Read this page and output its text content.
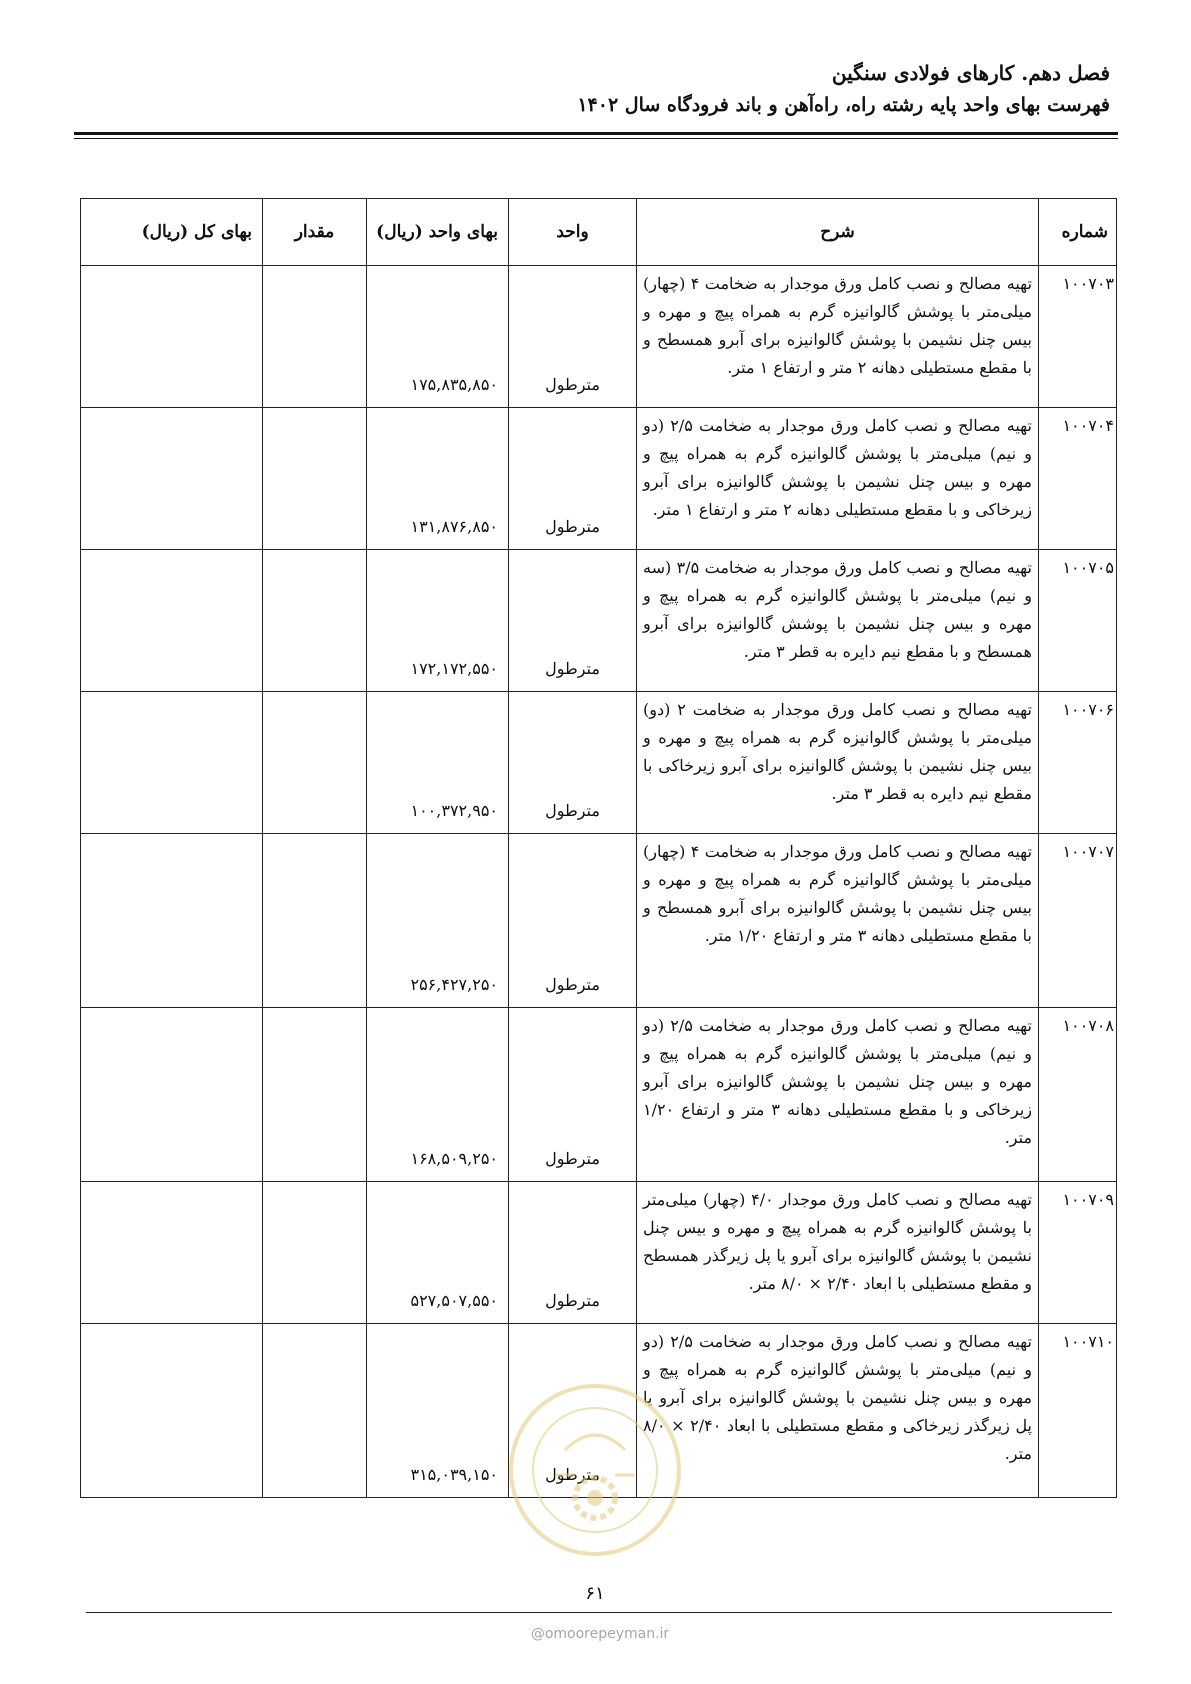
فصل دهم. کارهای فولادی سنگین
فهرست بهای واحد پایه رشته راه، راه‌آهن و باند فرودگاه سال ۱۴۰۲
شماره	شرح	واحد	بهای واحد (ریال)	مقدار	بهای کل (ریال)
۱۰۰۷۰۳	تهیه مصالح و نصب کامل ورق موجدار به ضخامت ۴ (چهار) میلی‌متر با پوشش گالوانیزه گرم به همراه پیچ و مهره و بیس چنل نشیمن با پوشش گالوانیزه برای آبرو همسطح و با مقطع مستطیلی دهانه ۲ متر و ارتفاع ۱ متر.	مترطول	۱۷۵,۸۳۵,۸۵۰		
۱۰۰۷۰۴	تهیه مصالح و نصب کامل ورق موجدار به ضخامت ۲/۵ (دو و نیم) میلی‌متر با پوشش گالوانیزه گرم به همراه پیچ و مهره و بیس چنل نشیمن با پوشش گالوانیزه برای آبرو زیرخاکی و با مقطع مستطیلی دهانه ۲ متر و ارتفاع ۱ متر.	مترطول	۱۳۱,۸۷۶,۸۵۰		
۱۰۰۷۰۵	تهیه مصالح و نصب کامل ورق موجدار به ضخامت ۳/۵ (سه و نیم) میلی‌متر با پوشش گالوانیزه گرم به همراه پیچ و مهره و بیس چنل نشیمن با پوشش گالوانیزه برای آبرو همسطح و با مقطع نیم دایره به قطر ۳ متر.	مترطول	۱۷۲,۱۷۲,۵۵۰		
۱۰۰۷۰۶	تهیه مصالح و نصب کامل ورق موجدار به ضخامت ۲ (دو) میلی‌متر با پوشش گالوانیزه گرم به همراه پیچ و مهره و بیس چنل نشیمن با پوشش گالوانیزه برای آبرو زیرخاکی با مقطع نیم دایره به قطر ۳ متر.	مترطول	۱۰۰,۳۷۲,۹۵۰		
۱۰۰۷۰۷	تهیه مصالح و نصب کامل ورق موجدار به ضخامت ۴ (چهار) میلی‌متر با پوشش گالوانیزه گرم به همراه پیچ و مهره و بیس چنل نشیمن با پوشش گالوانیزه برای آبرو همسطح و با مقطع مستطیلی دهانه ۳ متر و ارتفاع ۱/۲۰ متر.	مترطول	۲۵۶,۴۲۷,۲۵۰		
۱۰۰۷۰۸	تهیه مصالح و نصب کامل ورق موجدار به ضخامت ۲/۵ (دو و نیم) میلی‌متر با پوشش گالوانیزه گرم به همراه پیچ و مهره و بیس چنل نشیمن با پوشش گالوانیزه برای آبرو زیرخاکی و با مقطع مستطیلی دهانه ۳ متر و ارتفاع ۱/۲۰ متر.	مترطول	۱۶۸,۵۰۹,۲۵۰		
۱۰۰۷۰۹	تهیه مصالح و نصب کامل ورق موجدار ۴/۰ (چهار) میلی‌متر با پوشش گالوانیزه گرم به همراه پیچ و مهره و بیس چنل نشیمن با پوشش گالوانیزه برای آبرو یا پل زیرگذر همسطح و مقطع مستطیلی با ابعاد ۲/۴۰ × ۸/۰ متر.	مترطول	۵۲۷,۵۰۷,۵۵۰		
۱۰۰۷۱۰	تهیه مصالح و نصب کامل ورق موجدار به ضخامت ۲/۵ (دو و نیم) میلی‌متر با پوشش گالوانیزه گرم به همراه پیچ و مهره و بیس چنل نشیمن با پوشش گالوانیزه برای آبرو یا پل زیرگذر زیرخاکی و مقطع مستطیلی با ابعاد ۲/۴۰ × ۸/۰ متر.	مترطول	۳۱۵,۰۳۹,۱۵۰		
۶۱
@omoorepeyman.ir
